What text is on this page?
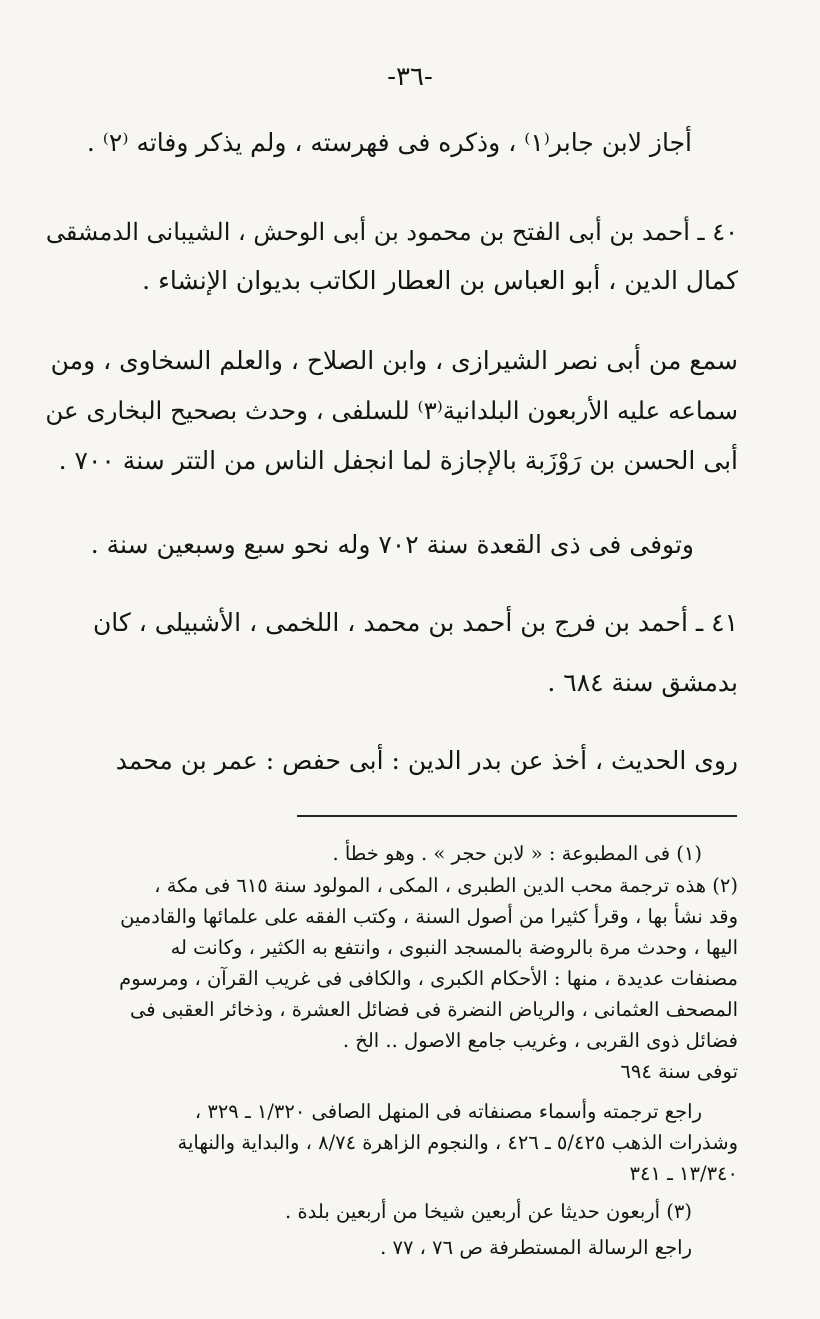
-٣٦-
أجاز لابن جابر⁽١⁾ ، وذكره فى فهرسته ، ولم يذكر وفاته ⁽٢⁾ .
٤٠ ـ أحمد بن أبى الفتح بن محمود بن أبى الوحش ، الشيبانى الدمشقى
كمال الدين ، أبو العباس بن العطار الكاتب بديوان الإنشاء .
سمع من أبى نصر الشيرازى ، وابن الصلاح ، والعلم السخاوى ، ومن
سماعه عليه الأربعون البلدانية⁽٣⁾ للسلفى ، وحدث بصحيح البخارى عن
أبى الحسن بن رَوْزَبة بالإجازة لما انجفل الناس من التتر سنة ٧٠٠ .
وتوفى فى ذى القعدة سنة ٧٠٢ وله نحو سبع وسبعين سنة .
٤١ ـ أحمد بن فرج بن أحمد بن محمد ، اللخمى ، الأشبيلى ، كان
بدمشق سنة ٦٨٤ .
روى الحديث ، أخذ عن بدر الدين : أبى حفص : عمر بن محمد
(١) فى المطبوعة : « لابن حجر » . وهو خطأ .
(٢) هذه ترجمة محب الدين الطبرى ، المكى ، المولود سنة ٦١٥ فى مكة ،
وقد نشأ بها ، وقرأ كثيرا من أصول السنة ، وكتب الفقه على علمائها والقادمين
اليها ، وحدث مرة بالروضة بالمسجد النبوى ، وانتفع به الكثير ، وكانت له
مصنفات عديدة ، منها : الأحكام الكبرى ، والكافى فى غريب القرآن ، ومرسوم
المصحف العثمانى ، والرياض النضرة فى فضائل العشرة ، وذخائر العقبى فى
فضائل ذوى القربى ، وغريب جامع الاصول .. الخ .
توفى سنة ٦٩٤
راجع ترجمته وأسماء مصنفاته فى المنهل الصافى ١/٣٢٠ ـ ٣٢٩ ،
وشذرات الذهب ٥/٤٢٥ ـ ٤٢٦ ، والنجوم الزاهرة ٨/٧٤ ، والبداية والنهاية
١٣/٣٤٠ ـ ٣٤١
(٣) أربعون حديثا عن أربعين شيخا من أربعين بلدة .
راجع الرسالة المستطرفة ص ٧٦ ، ٧٧ .
